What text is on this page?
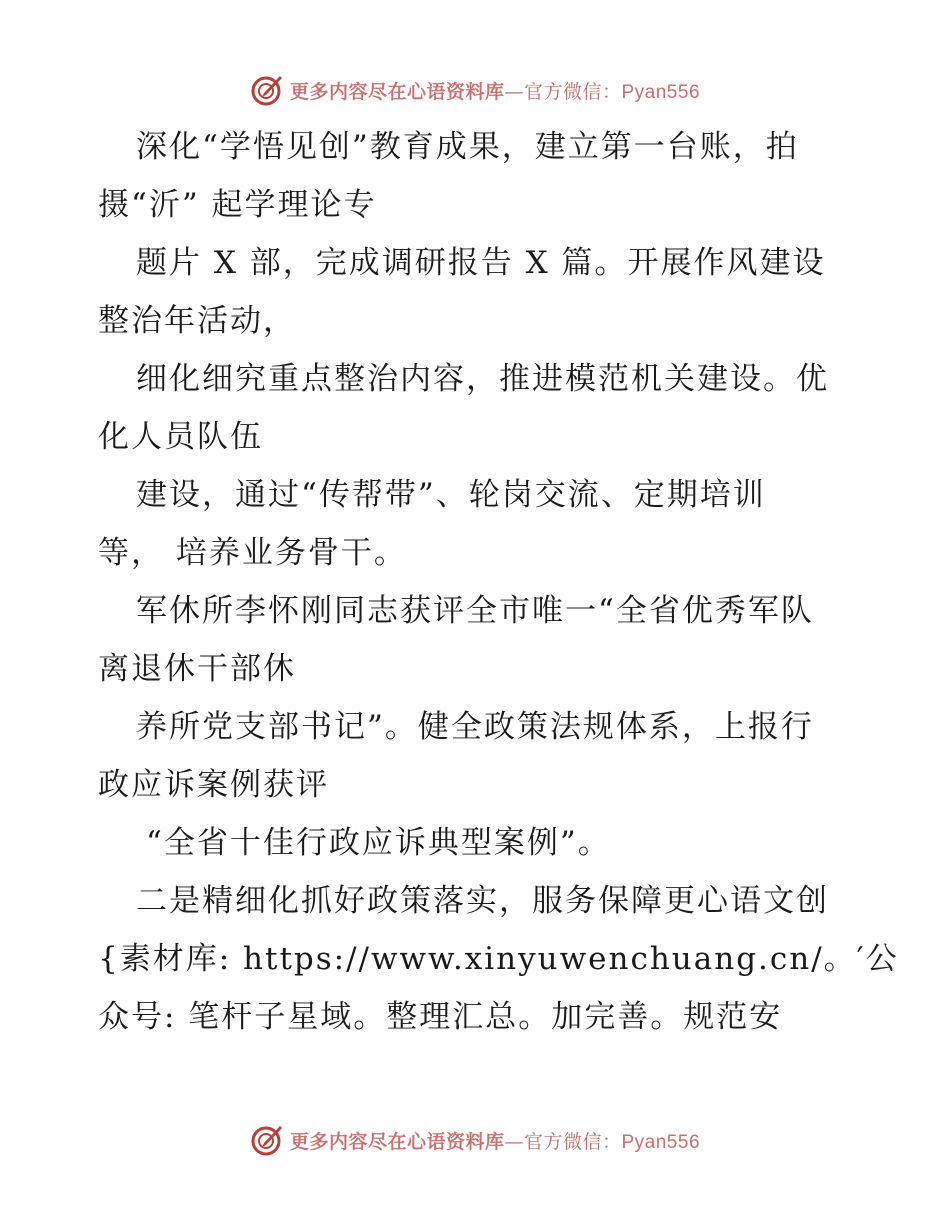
更多内容尽在心语资料库—官方微信：Pyan556
深化“学悟见创”教育成果，建立第一台账，拍
摄“沂” 起学理论专
题片 X 部，完成调研报告 X 篇。开展作风建设
整治年活动，
细化细究重点整治内容，推进模范机关建设。优
化人员队伍
建设，通过“传帮带”、轮岗交流、定期培训
等， 培养业务骨干。
军休所李怀刚同志获评全市唯一“全省优秀军队
离退休干部休
养所党支部书记”。健全政策法规体系，上报行
政应诉案例获评
“全省十佳行政应诉典型案例”。
二是精细化抓好政策落实，服务保障更心语文创
{素材库: https://www.xinyuwenchuang.cn/。′公
众号: 笔杆子星域。整理汇总。加完善。规范安
更多内容尽在心语资料库—官方微信：Pyan556
